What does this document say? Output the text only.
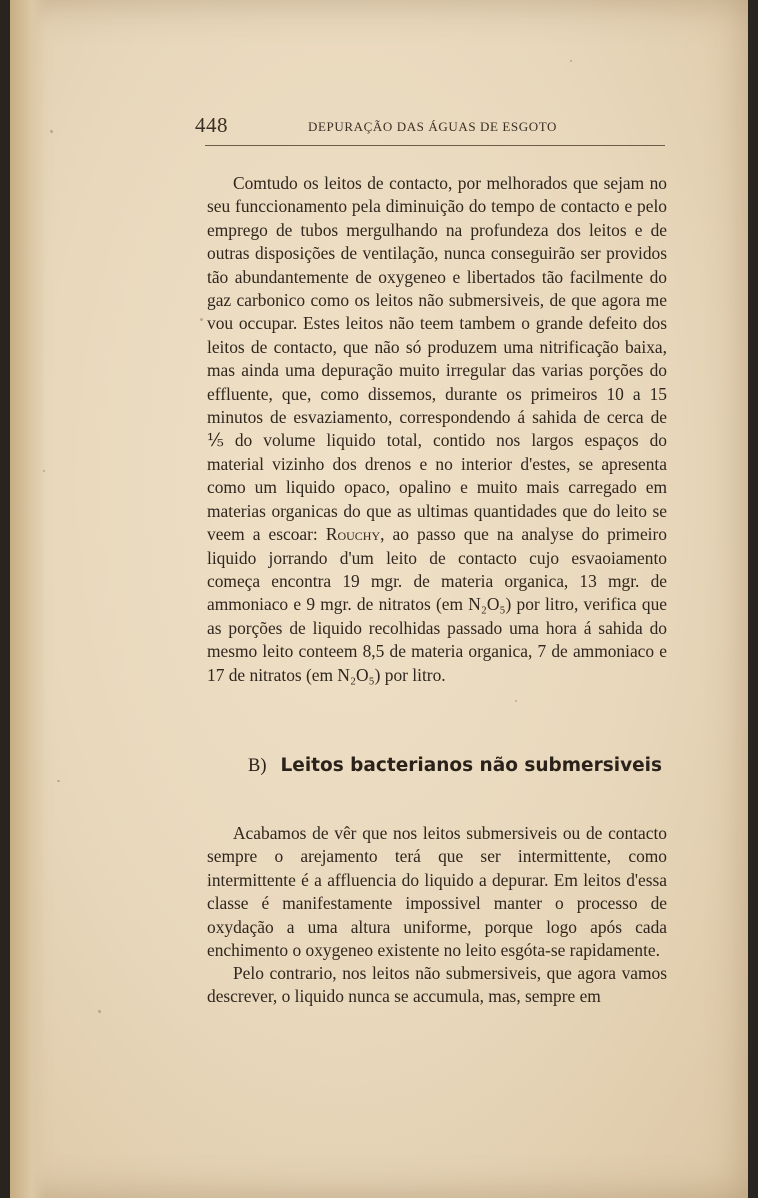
448	DEPURAÇÃO DAS ÁGUAS DE ESGOTO

Comtudo os leitos de contacto, por melhorados que sejam no seu funccionamento pela diminuição do tempo de contacto e pelo emprego de tubos mergulhando na profundeza dos leitos e de outras disposições de ventilação, nunca conseguirão ser providos tão abundantemente de oxygeneo e libertados tão facilmente do gaz carbonico como os leitos não submersiveis, de que agora me vou occupar. Estes leitos não teem tambem o grande defeito dos leitos de contacto, que não só produzem uma nitrificação baixa, mas ainda uma depuração muito irregular das varias porções do effluente, que, como dissemos, durante os primeiros 10 a 15 minutos de esvaziamento, correspondendo á sahida de cerca de ⅕ do volume liquido total, contido nos largos espaços do material vizinho dos drenos e no interior d'estes, se apresenta como um liquido opaco, opalino e muito mais carregado em materias organicas do que as ultimas quantidades que do leito se veem a escoar: Rouchy, ao passo que na analyse do primeiro liquido jorrando d'um leito de contacto cujo esvaoiamento começa encontra 19 mgr. de materia organica, 13 mgr. de ammoniaco e 9 mgr. de nitratos (em N₂O₅) por litro, verifica que as porções de liquido recolhidas passado uma hora á sahida do mesmo leito conteem 8,5 de materia organica, 7 de ammoniaco e 17 de nitratos (em N₂O₅) por litro.

B) Leitos bacterianos não submersiveis

Acabamos de vêr que nos leitos submersiveis ou de contacto sempre o arejamento terá que ser intermittente, como intermittente é a affluencia do liquido a depurar. Em leitos d'essa classe é manifestamente impossivel manter o processo de oxydação a uma altura uniforme, porque logo após cada enchimento o oxygeneo existente no leito esgóta-se rapidamente.

Pelo contrario, nos leitos não submersiveis, que agora vamos descrever, o liquido nunca se accumula, mas, sempre em
